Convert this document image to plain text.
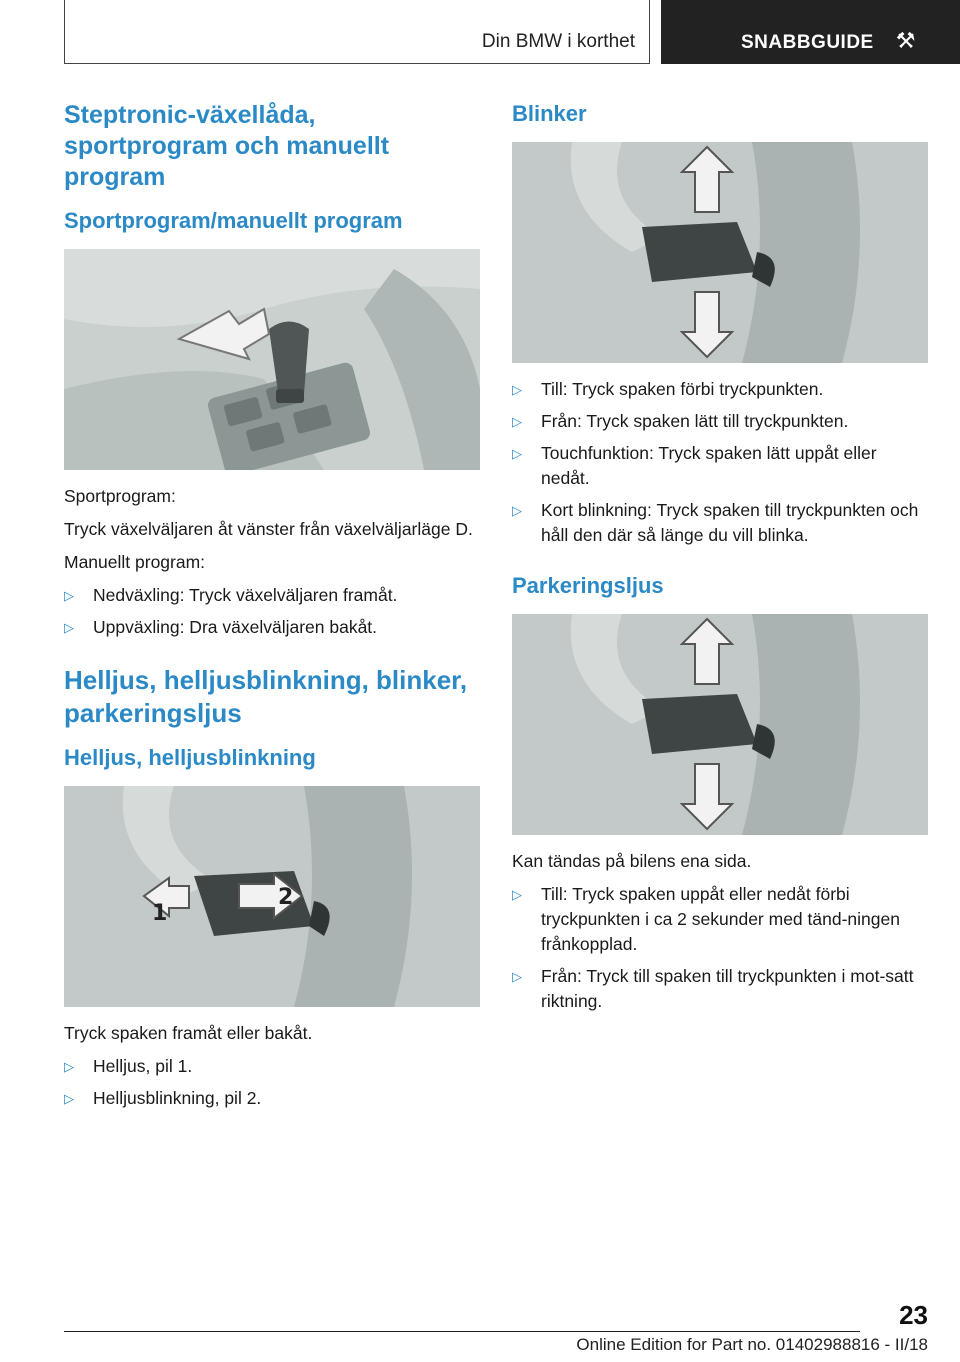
Din BMW i korthet	SNABBGUIDE ⚒
Steptronic-växellåda, sportprogram och manuellt program
Sportprogram/manuellt program

Sportprogram:

Tryck växelväljaren åt vänster från växelväljarläge D.

Manuellt program:

▷ Nedväxling: Tryck växelväljaren framåt.
▷ Uppväxling: Dra växelväljaren bakåt.
Helljus, helljusblinkning, blinker, parkeringsljus
Helljus, helljusblinkning
1
2

Tryck spaken framåt eller bakåt.

▷ Helljus, pil 1.
▷ Helljusblinkning, pil 2.
Blinker
▷ Till: Tryck spaken förbi tryckpunkten.
▷ Från: Tryck spaken lätt till tryckpunkten.
▷ Touchfunktion: Tryck spaken lätt uppåt eller nedåt.
▷ Kort blinkning: Tryck spaken till tryckpunkten och håll den där så länge du vill blinka.
Parkeringsljus

Kan tändas på bilens ena sida.

▷ Till: Tryck spaken uppåt eller nedåt förbi tryckpunkten i ca 2 sekunder med tänd-ningen frånkopplad.
▷ Från: Tryck till spaken till tryckpunkten i mot-satt riktning.
23
Online Edition for Part no. 01402988816 - II/18
